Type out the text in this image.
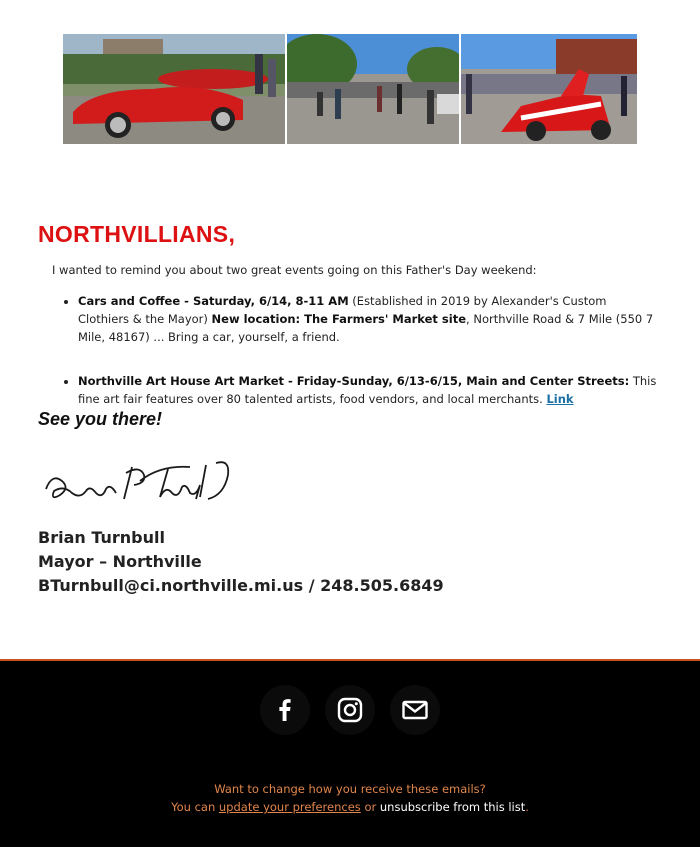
NORTHVILLIANS,

I wanted to remind you about two great events going on this Father's Day weekend:

• Cars and Coffee - Saturday, 6/14, 8-11 AM (Established in 2019 by Alexander's Custom Clothiers & the Mayor) New location: The Farmers' Market site, Northville Road & 7 Mile (550 7 Mile, 48167) ... Bring a car, yourself, a friend.
• Northville Art House Art Market - Friday-Sunday, 6/13-6/15, Main and Center Streets: This fine art fair features over 80 talented artists, food vendors, and local merchants. Link

See you there!

Brian Turnbull
Mayor – Northville
BTurnbull@ci.northville.mi.us / 248.505.6849

Want to change how you receive these emails?
You can update your preferences or unsubscribe from this list.
